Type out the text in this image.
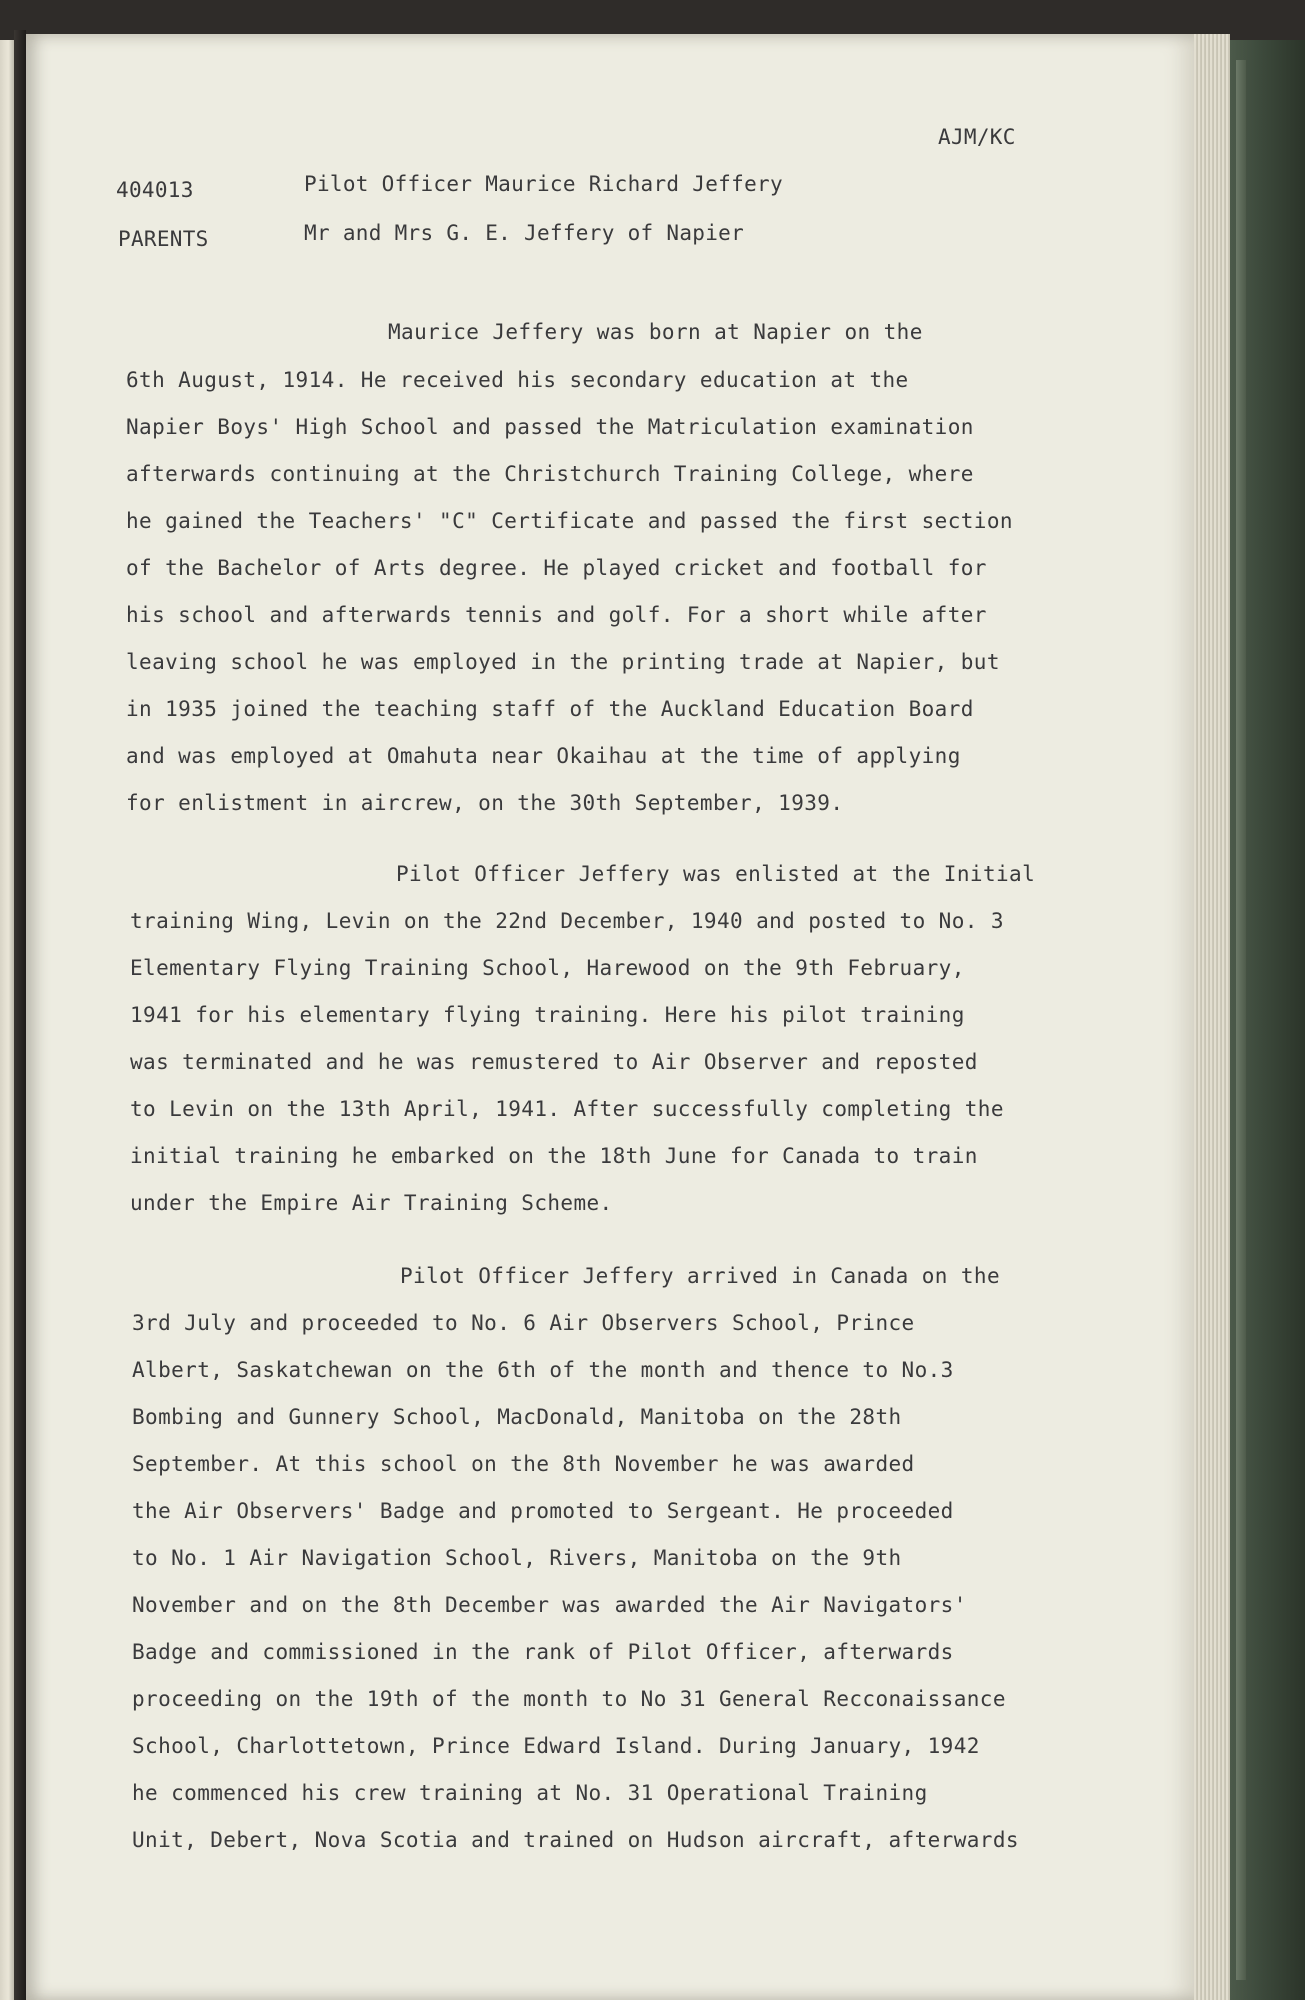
AJM/KC
404013	Pilot Officer Maurice Richard Jeffery
PARENTS	Mr and Mrs G. E. Jeffery of Napier
Maurice Jeffery was born at Napier on the
6th August, 1914. He received his secondary education at the
Napier Boys' High School and passed the Matriculation examination
afterwards continuing at the Christchurch Training College, where
he gained the Teachers' "C" Certificate and passed the first section
of the Bachelor of Arts degree. He played cricket and football for
his school and afterwards tennis and golf. For a short while after
leaving school he was employed in the printing trade at Napier, but
in 1935 joined the teaching staff of the Auckland Education Board
and was employed at Omahuta near Okaihau at the time of applying
for enlistment in aircrew, on the 30th September, 1939.
Pilot Officer Jeffery was enlisted at the Initial
training Wing, Levin on the 22nd December, 1940 and posted to No. 3
Elementary Flying Training School, Harewood on the 9th February,
1941 for his elementary flying training. Here his pilot training
was terminated and he was remustered to Air Observer and reposted
to Levin on the 13th April, 1941. After successfully completing the
initial training he embarked on the 18th June for Canada to train
under the Empire Air Training Scheme.
Pilot Officer Jeffery arrived in Canada on the
3rd July and proceeded to No. 6 Air Observers School, Prince
Albert, Saskatchewan on the 6th of the month and thence to No.3
Bombing and Gunnery School, MacDonald, Manitoba on the 28th
September. At this school on the 8th November he was awarded
the Air Observers' Badge and promoted to Sergeant. He proceeded
to No. 1 Air Navigation School, Rivers, Manitoba on the 9th
November and on the 8th December was awarded the Air Navigators'
Badge and commissioned in the rank of Pilot Officer, afterwards
proceeding on the 19th of the month to No 31 General Recconaissance
School, Charlottetown, Prince Edward Island. During January, 1942
he commenced his crew training at No. 31 Operational Training
Unit, Debert, Nova Scotia and trained on Hudson aircraft, afterwards
